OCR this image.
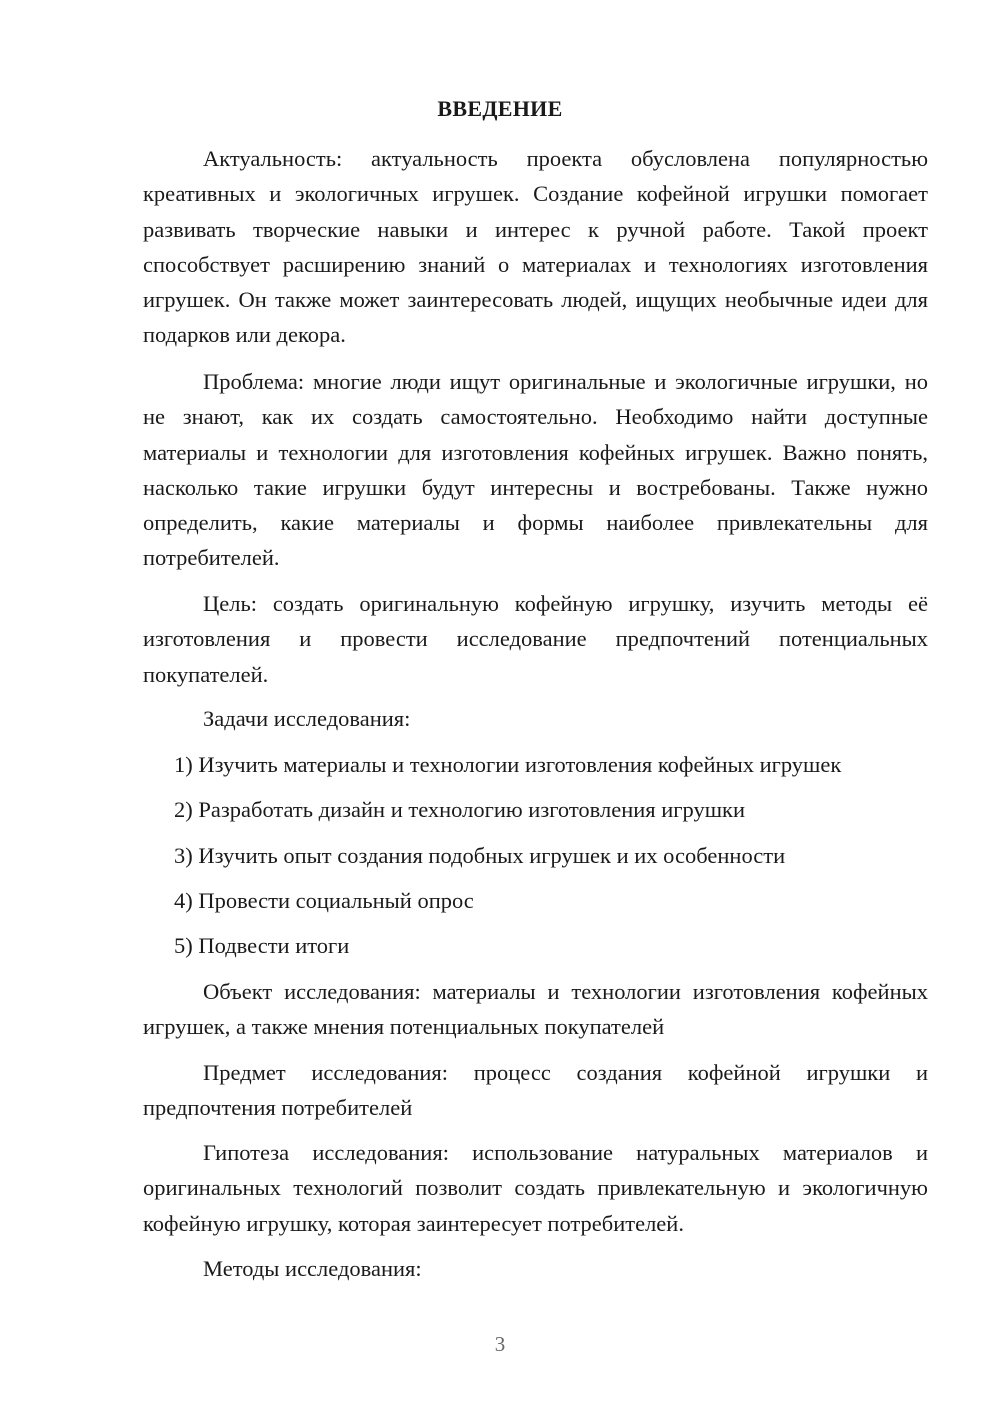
ВВЕДЕНИЕ

Актуальность: актуальность проекта обусловлена популярностью креативных и экологичных игрушек. Создание кофейной игрушки помогает развивать творческие навыки и интерес к ручной работе. Такой проект способствует расширению знаний о материалах и технологиях изготовления игрушек. Он также может заинтересовать людей, ищущих необычные идеи для подарков или декора.

Проблема: многие люди ищут оригинальные и экологичные игрушки, но не знают, как их создать самостоятельно. Необходимо найти доступные материалы и технологии для изготовления кофейных игрушек. Важно понять, насколько такие игрушки будут интересны и востребованы. Также нужно определить, какие материалы и формы наиболее привлекательны для потребителей.

Цель: создать оригинальную кофейную игрушку, изучить методы её изготовления и провести исследование предпочтений потенциальных покупателей.

Задачи исследования:

1) Изучить материалы и технологии изготовления кофейных игрушек

2) Разработать дизайн и технологию изготовления игрушки

3) Изучить опыт создания подобных игрушек и их особенности

4) Провести социальный опрос

5) Подвести итоги

Объект исследования: материалы и технологии изготовления кофейных игрушек, а также мнения потенциальных покупателей

Предмет исследования: процесс создания кофейной игрушки и предпочтения потребителей

Гипотеза исследования: использование натуральных материалов и оригинальных технологий позволит создать привлекательную и экологичную кофейную игрушку, которая заинтересует потребителей.

Методы исследования:

3
